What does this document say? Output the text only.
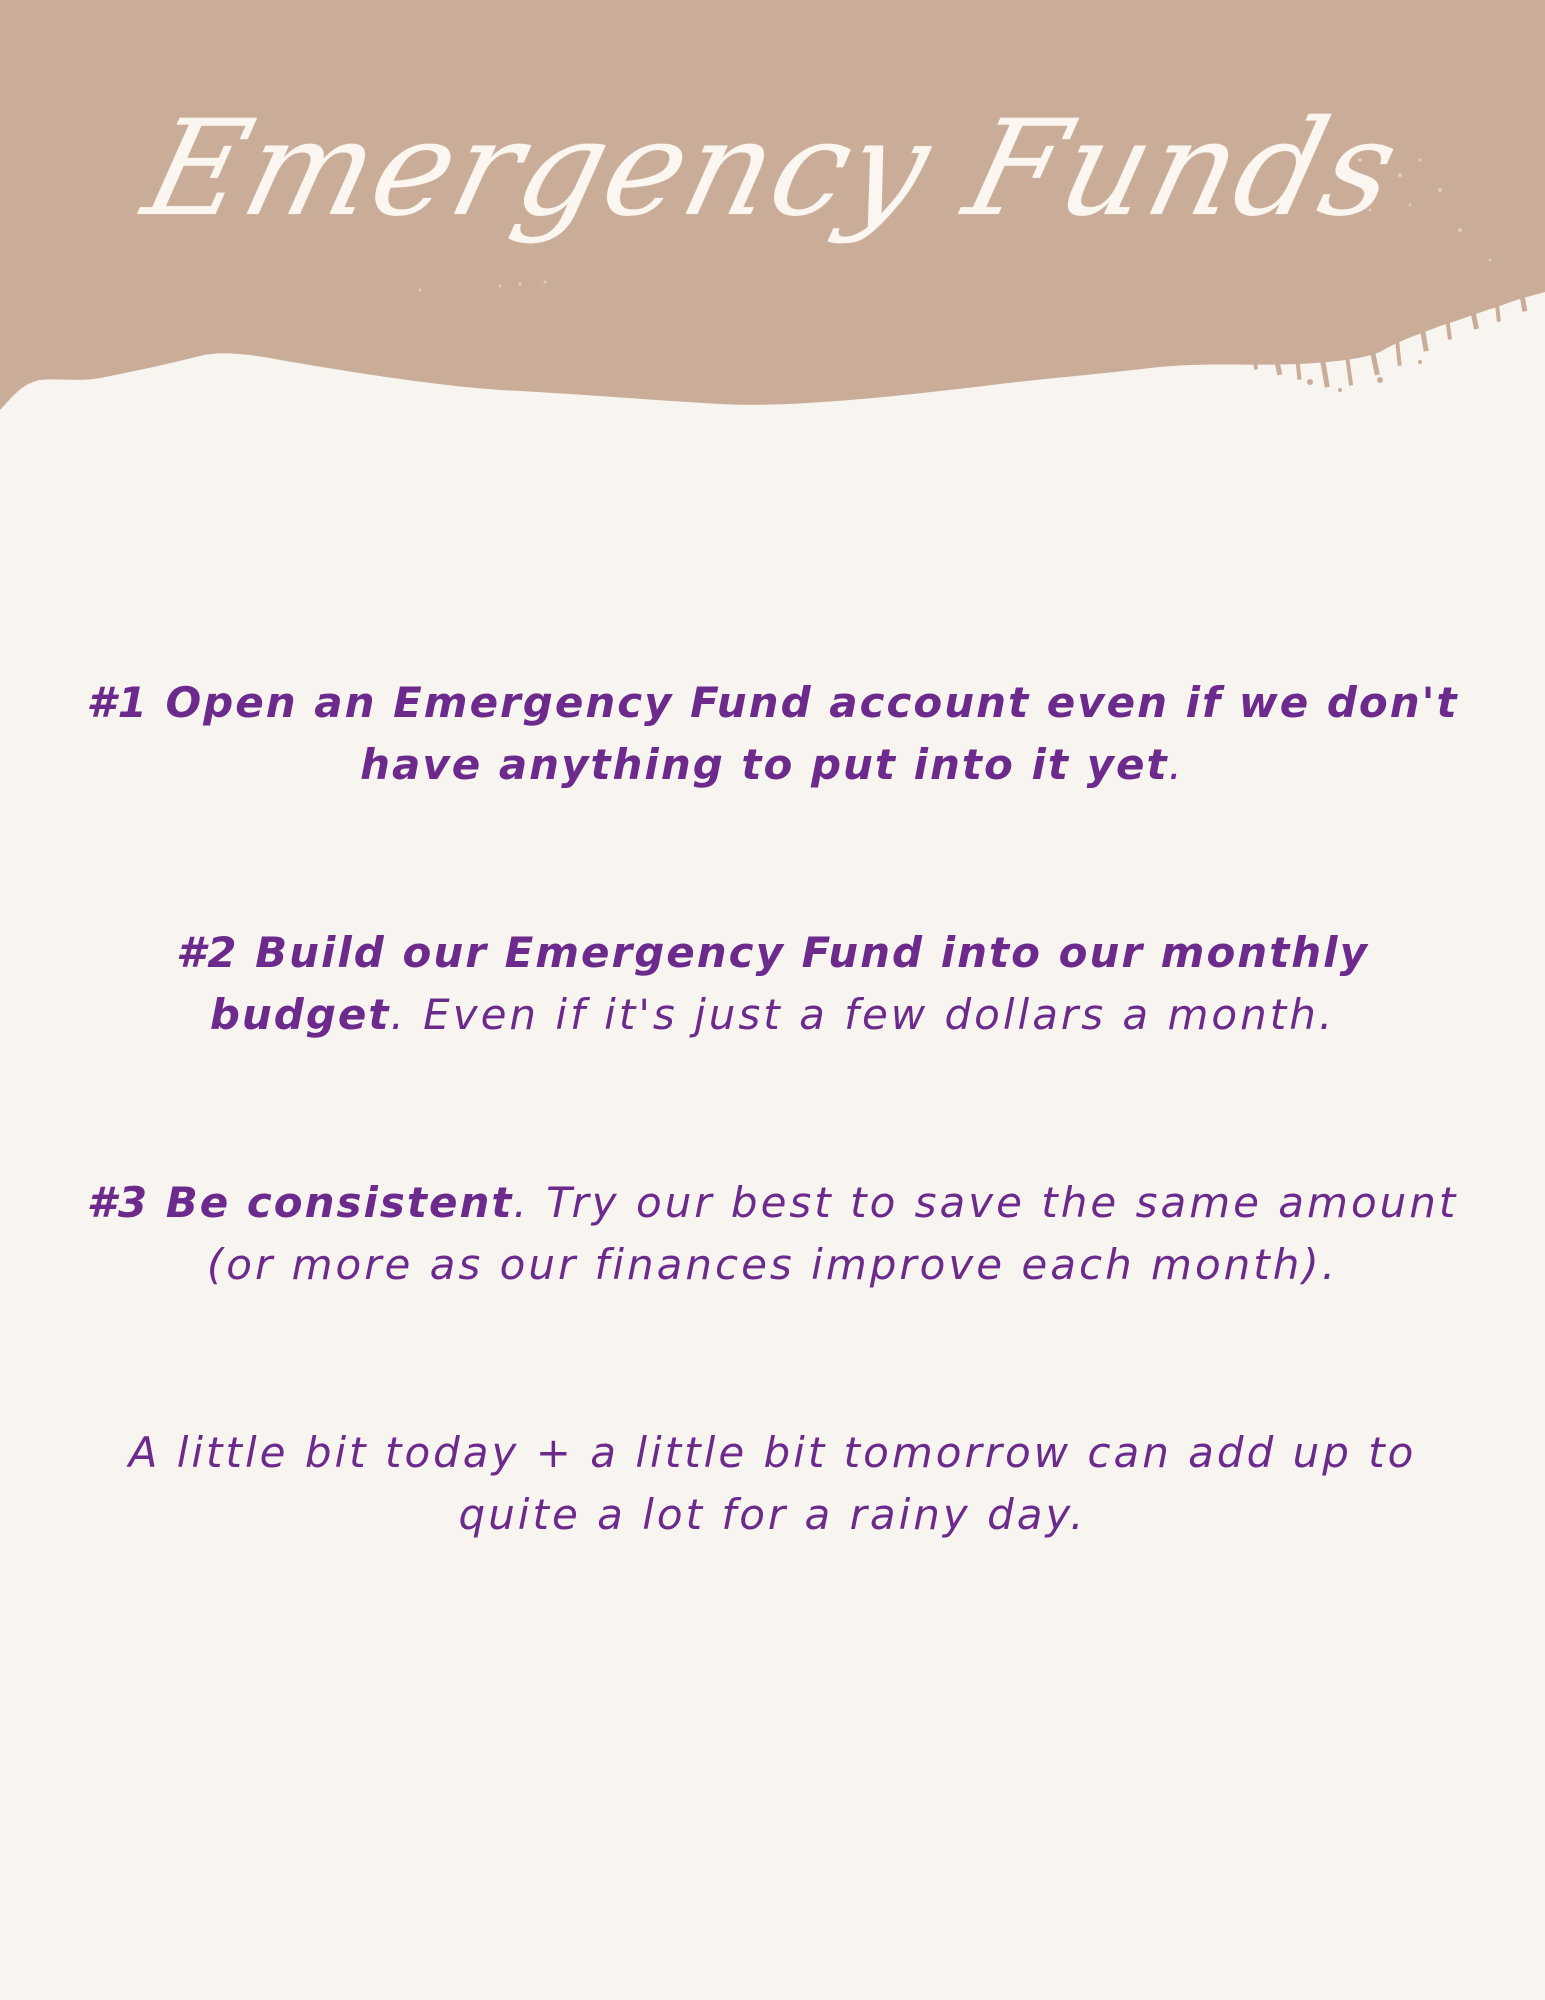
Emergency Funds
#1 Open an Emergency Fund account even if we don't have anything to put into it yet.
#2 Build our Emergency Fund into our monthly budget. Even if it's just a few dollars a month.
#3 Be consistent. Try our best to save the same amount (or more as our finances improve each month).
A little bit today + a little bit tomorrow can add up to quite a lot for a rainy day.
